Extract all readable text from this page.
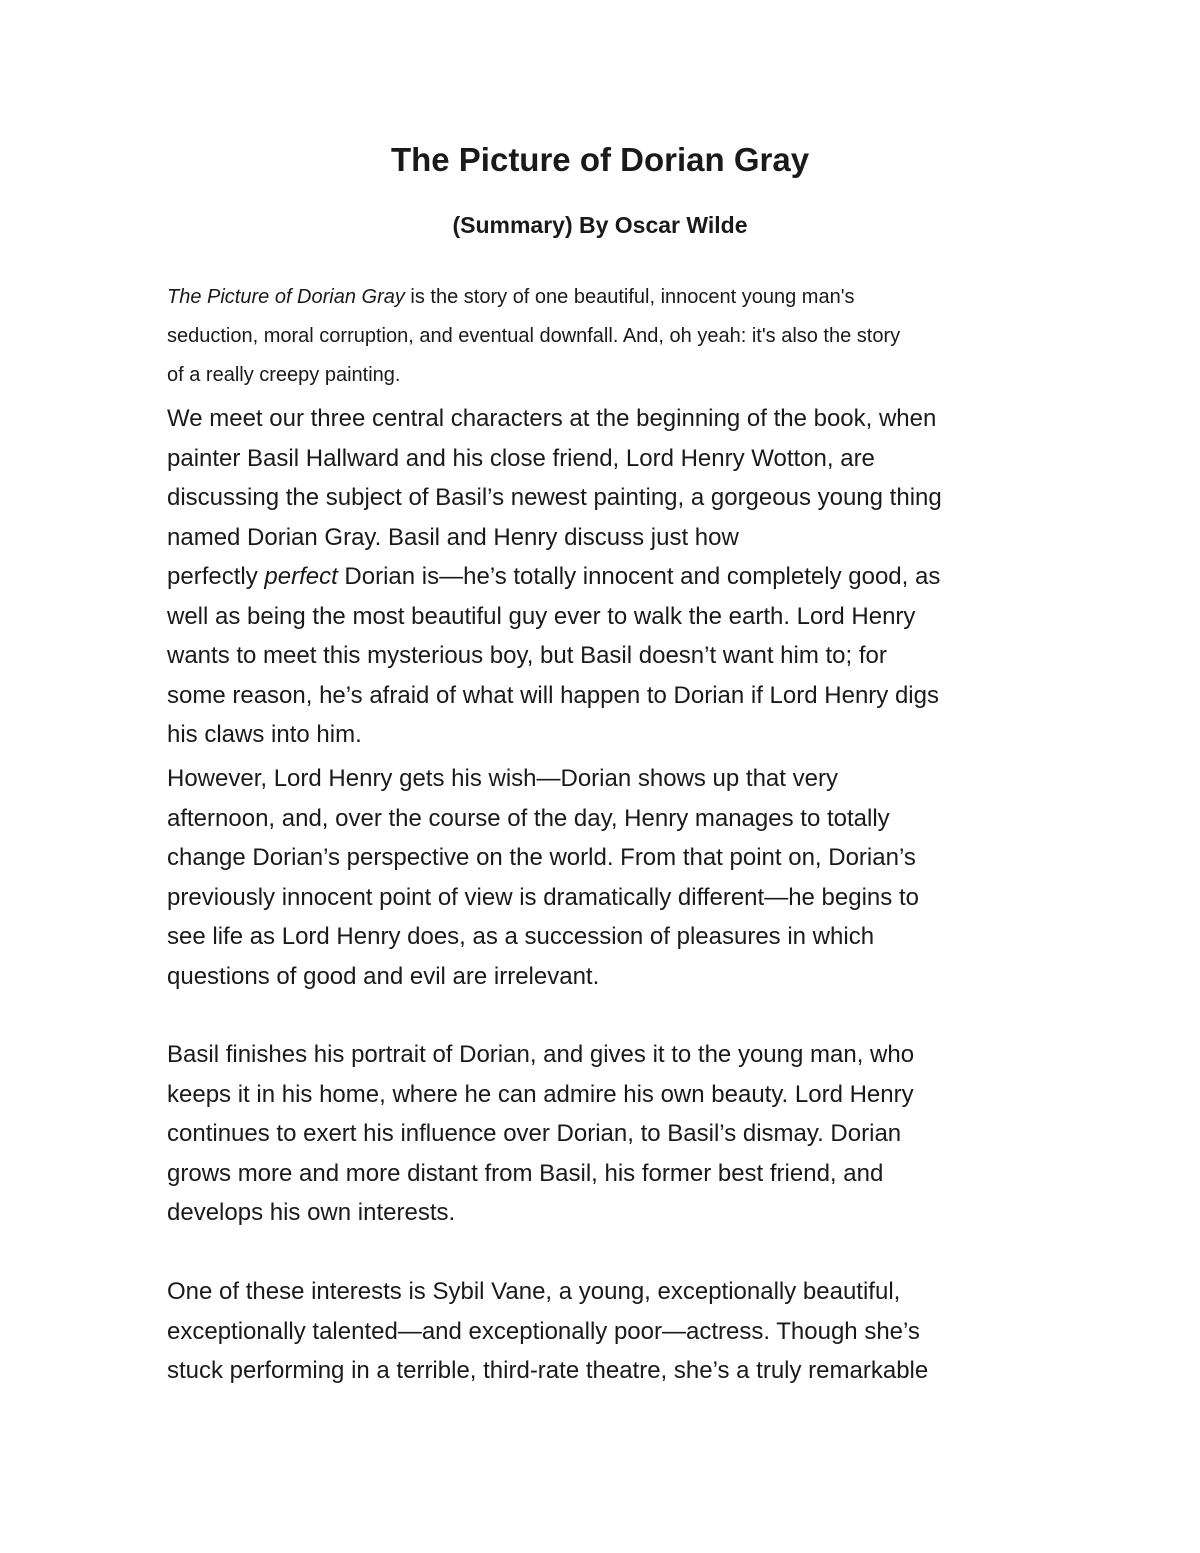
The Picture of Dorian Gray
(Summary) By Oscar Wilde

The Picture of Dorian Gray is the story of one beautiful, innocent young man's
seduction, moral corruption, and eventual downfall. And, oh yeah: it's also the story
of a really creepy painting.

We meet our three central characters at the beginning of the book, when
painter Basil Hallward and his close friend, Lord Henry Wotton, are
discussing the subject of Basil’s newest painting, a gorgeous young thing
named Dorian Gray. Basil and Henry discuss just how
perfectly perfect Dorian is—he’s totally innocent and completely good, as
well as being the most beautiful guy ever to walk the earth. Lord Henry
wants to meet this mysterious boy, but Basil doesn’t want him to; for
some reason, he’s afraid of what will happen to Dorian if Lord Henry digs
his claws into him.

However, Lord Henry gets his wish—Dorian shows up that very
afternoon, and, over the course of the day, Henry manages to totally
change Dorian’s perspective on the world. From that point on, Dorian’s
previously innocent point of view is dramatically different—he begins to
see life as Lord Henry does, as a succession of pleasures in which
questions of good and evil are irrelevant.

Basil finishes his portrait of Dorian, and gives it to the young man, who
keeps it in his home, where he can admire his own beauty. Lord Henry
continues to exert his influence over Dorian, to Basil’s dismay. Dorian
grows more and more distant from Basil, his former best friend, and
develops his own interests.

One of these interests is Sybil Vane, a young, exceptionally beautiful,
exceptionally talented—and exceptionally poor—actress. Though she’s
stuck performing in a terrible, third-rate theatre, she’s a truly remarkable
